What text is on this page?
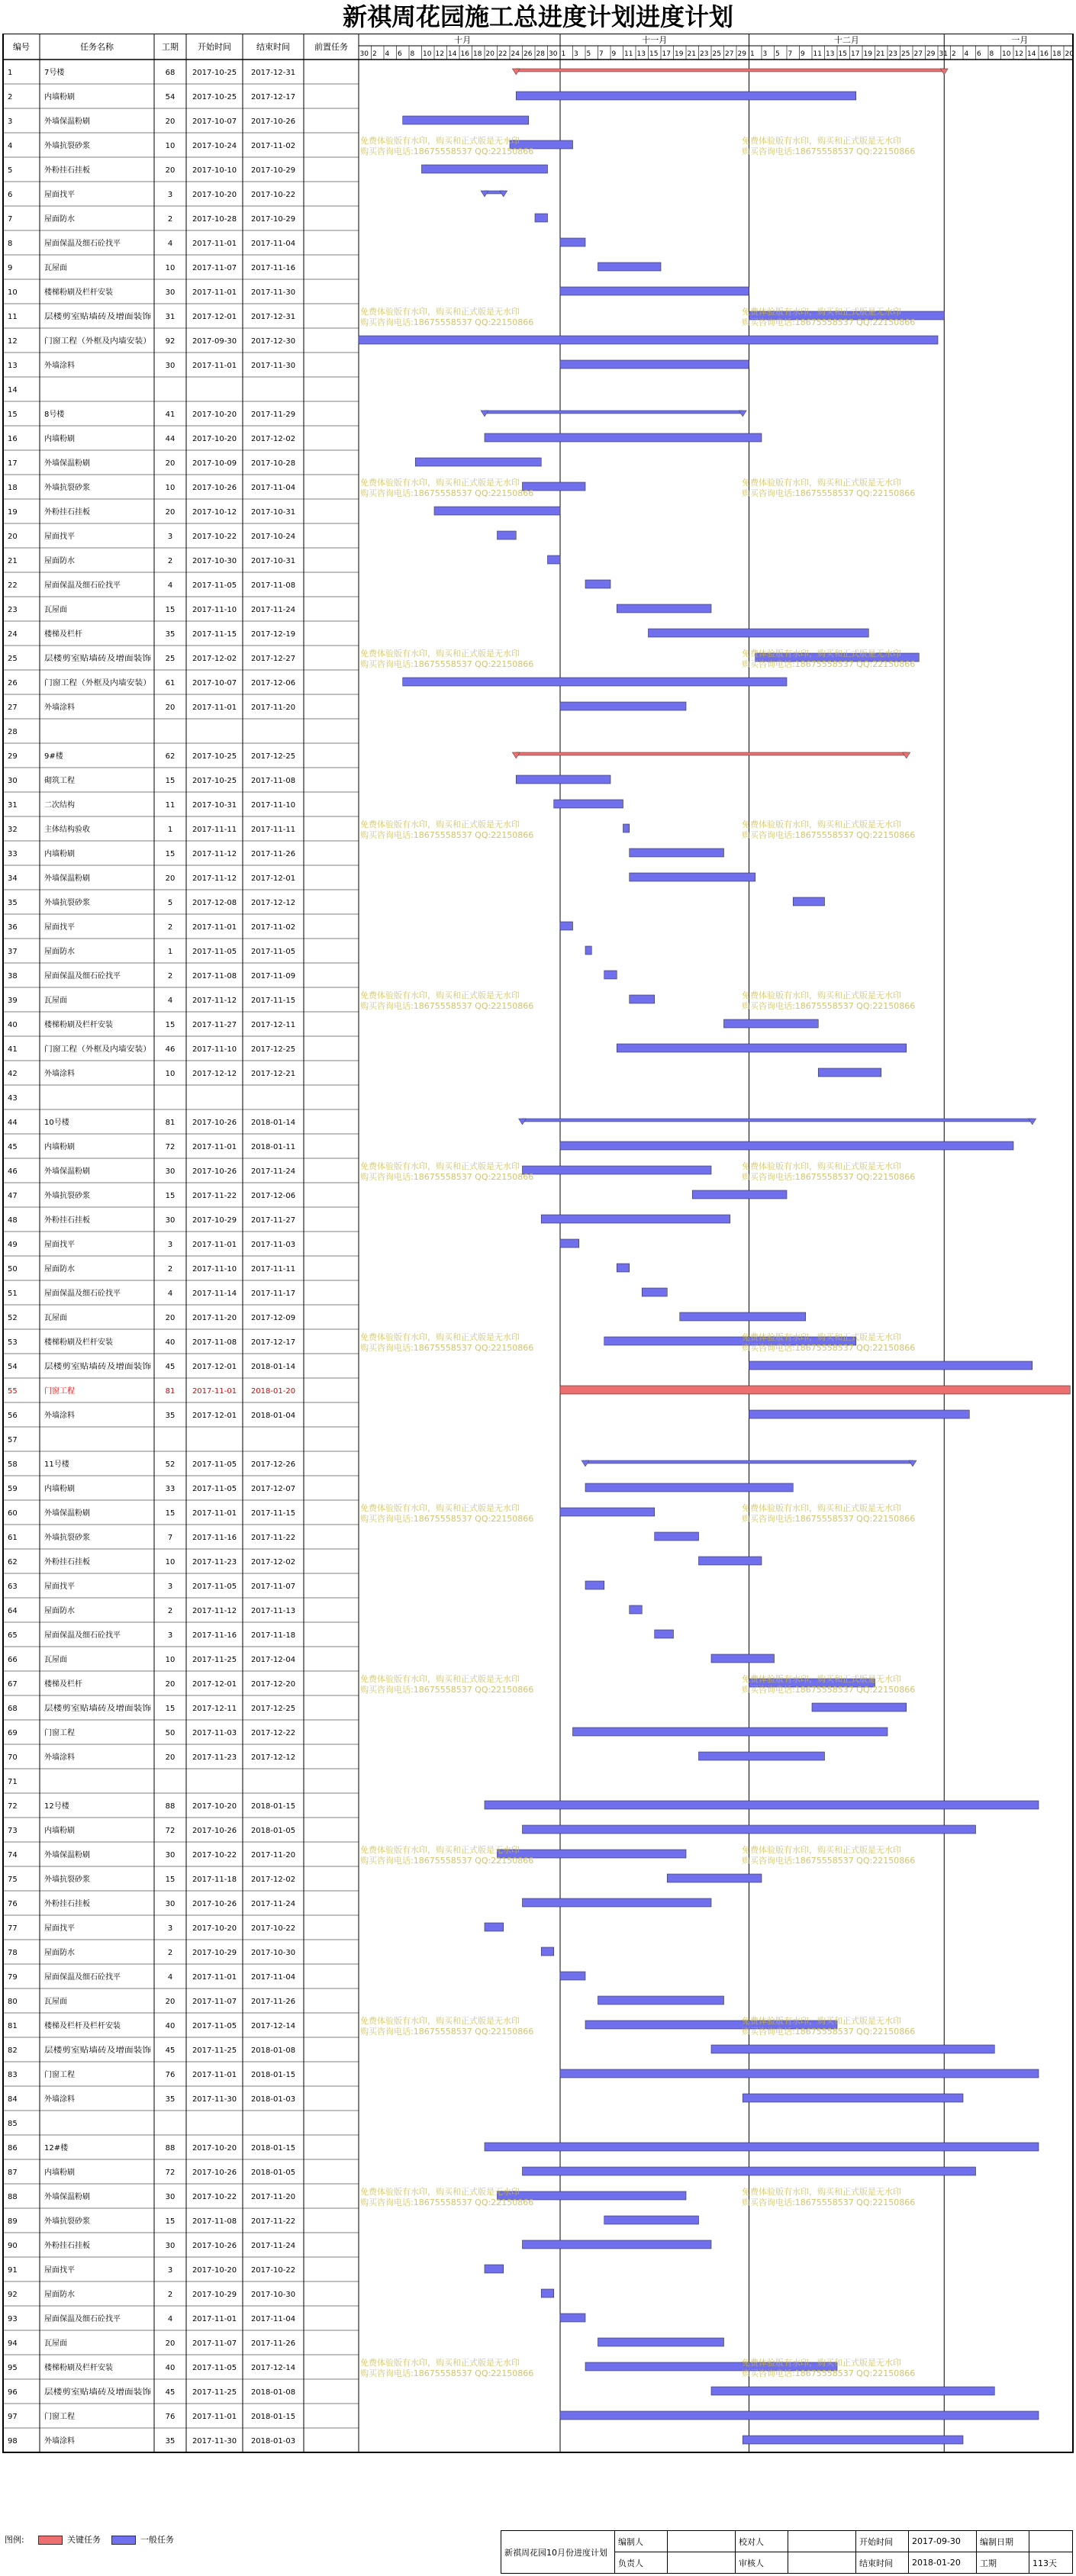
新祺周花园施工总进度计划进度计划
编号	任务名称	工期 开始时间	结束时间	前置任务
十月	十一月	十二月	一月
30 2 4 6 8 10 12 14 16 18 20 22 24 26 28 30 1 3 5 7 9 11 13 15 17 19 21 23 25 27 29 1 3 5 7 9 11 13 15 17 19 21 23 25 27 29 31 2 4 6 8 10 12 14 16 18 20
1	7号楼	68 2017-10-25 2017-12-31
2	内墙粉刷	54 2017-10-25 2017-12-17
3	外墙保温粉刷	20 2017-10-07 2017-10-26
4	外墙抗裂砂浆	10 2017-10-24 2017-11-02
5	外粉挂石挂板	20 2017-10-10 2017-10-29
6	屋面找平	3	2017-10-20 2017-10-22
7	屋面防水	2	2017-10-28 2017-10-29
8	屋面保温及细石砼找平	4	2017-11-01 2017-11-04
9	瓦屋面	10 2017-11-07 2017-11-16
10	楼梯粉刷及栏杆安装	30 2017-11-01 2017-11-30
11	层楼剪室贴墙砖及增面装饰	31 2017-12-01 2017-12-31
12	门窗工程（外框及内墙安装）	92 2017-09-30 2017-12-30
13	外墙涂料	30 2017-11-01 2017-11-30
14
15	8号楼	41 2017-10-20 2017-11-29
16	内墙粉刷	44 2017-10-20 2017-12-02
17	外墙保温粉刷	20 2017-10-09 2017-10-28
18	外墙抗裂砂浆	10 2017-10-26 2017-11-04
19	外粉挂石挂板	20 2017-10-12 2017-10-31
20	屋面找平	3	2017-10-22 2017-10-24
21	屋面防水	2	2017-10-30 2017-10-31
22	屋面保温及细石砼找平	4	2017-11-05 2017-11-08
23	瓦屋面	15 2017-11-10 2017-11-24
24	楼梯及栏杆	35 2017-11-15 2017-12-19
25	层楼剪室贴墙砖及增面装饰	25 2017-12-02 2017-12-27
26	门窗工程（外框及内墙安装）	61 2017-10-07 2017-12-06
27	外墙涂料	20 2017-11-01 2017-11-20
28
29	9#楼	62 2017-10-25 2017-12-25
30	砌筑工程	15 2017-10-25 2017-11-08
31	二次结构	11 2017-10-31 2017-11-10
32	主体结构验收	1	2017-11-11 2017-11-11
33	内墙粉刷	15 2017-11-12 2017-11-26
34	外墙保温粉刷	20 2017-11-12 2017-12-01
35	外墙抗裂砂浆	5	2017-12-08 2017-12-12
36	屋面找平	2	2017-11-01 2017-11-02
37	屋面防水	1	2017-11-05 2017-11-05
38	屋面保温及细石砼找平	2	2017-11-08 2017-11-09
39	瓦屋面	4	2017-11-12 2017-11-15
40	楼梯粉刷及栏杆安装	15 2017-11-27 2017-12-11
41	门窗工程（外框及内墙安装）	46 2017-11-10 2017-12-25
42	外墙涂料	10 2017-12-12 2017-12-21
43
44	10号楼	81 2017-10-26 2018-01-14
45	内墙粉刷	72 2017-11-01 2018-01-11
46	外墙保温粉刷	30 2017-10-26 2017-11-24
47	外墙抗裂砂浆	15 2017-11-22 2017-12-06
48	外粉挂石挂板	30 2017-10-29 2017-11-27
49	屋面找平	3	2017-11-01 2017-11-03
50	屋面防水	2	2017-11-10 2017-11-11
51	屋面保温及细石砼找平	4	2017-11-14 2017-11-17
52	瓦屋面	20 2017-11-20 2017-12-09
53	楼梯粉刷及栏杆安装	40 2017-11-08 2017-12-17
54	层楼剪室贴墙砖及增面装饰	45 2017-12-01 2018-01-14
55	门窗工程	81 2017-11-01 2018-01-20
56	外墙涂料	35 2017-12-01 2018-01-04
57
58	11号楼	52 2017-11-05 2017-12-26
59	内墙粉刷	33 2017-11-05 2017-12-07
60	外墙保温粉刷	15 2017-11-01 2017-11-15
61	外墙抗裂砂浆	7	2017-11-16 2017-11-22
62	外粉挂石挂板	10 2017-11-23 2017-12-02
63	屋面找平	3	2017-11-05 2017-11-07
64	屋面防水	2	2017-11-12 2017-11-13
65	屋面保温及细石砼找平	3	2017-11-16 2017-11-18
66	瓦屋面	10 2017-11-25 2017-12-04
67	楼梯及栏杆	20 2017-12-01 2017-12-20
68	层楼剪室贴墙砖及增面装饰	15 2017-12-11 2017-12-25
69	门窗工程	50 2017-11-03 2017-12-22
70	外墙涂料	20 2017-11-23 2017-12-12
71
72	12号楼	88 2017-10-20 2018-01-15
73	内墙粉刷	72 2017-10-26 2018-01-05
74	外墙保温粉刷	30 2017-10-22 2017-11-20
75	外墙抗裂砂浆	15 2017-11-18 2017-12-02
76	外粉挂石挂板	30 2017-10-26 2017-11-24
77	屋面找平	3	2017-10-20 2017-10-22
78	屋面防水	2	2017-10-29 2017-10-30
79	屋面保温及细石砼找平	4	2017-11-01 2017-11-04
80	瓦屋面	20 2017-11-07 2017-11-26
81	楼梯及栏杆及栏杆安装	40 2017-11-05 2017-12-14
82	层楼剪室贴墙砖及增面装饰	45 2017-11-25 2018-01-08
83	门窗工程	76 2017-11-01 2018-01-15
84	外墙涂料	35 2017-11-30 2018-01-03
85
86	12#楼	88 2017-10-20 2018-01-15
87	内墙粉刷	72 2017-10-26 2018-01-05
88	外墙保温粉刷	30 2017-10-22 2017-11-20
89	外墙抗裂砂浆	15 2017-11-08 2017-11-22
90	外粉挂石挂板	30 2017-10-26 2017-11-24
91	屋面找平	3	2017-10-20 2017-10-22
92	屋面防水	2	2017-10-29 2017-10-30
93	屋面保温及细石砼找平	4	2017-11-01 2017-11-04
94	瓦屋面	20 2017-11-07 2017-11-26
95	楼梯粉刷及栏杆安装	40 2017-11-05 2017-12-14
96	层楼剪室贴墙砖及增面装饰	45 2017-11-25 2018-01-08
97	门窗工程	76 2017-11-01 2018-01-15
98	外墙涂料	35 2017-11-30 2018-01-03
免费体验版有水印，购买和正式版是无水印
购买咨询电话:18675558537 QQ:22150866
免费体验版有水印，购买和正式版是无水印
购买咨询电话:18675558537 QQ:22150866
免费体验版有水印，购买和正式版是无水印
购买咨询电话:18675558537 QQ:22150866
免费体验版有水印，购买和正式版是无水印
购买咨询电话:18675558537 QQ:22150866
免费体验版有水印，购买和正式版是无水印
购买咨询电话:18675558537 QQ:22150866
免费体验版有水印，购买和正式版是无水印
购买咨询电话:18675558537 QQ:22150866
免费体验版有水印，购买和正式版是无水印
购买咨询电话:18675558537 QQ:22150866
免费体验版有水印，购买和正式版是无水印
购买咨询电话:18675558537 QQ:22150866
免费体验版有水印，购买和正式版是无水印
购买咨询电话:18675558537 QQ:22150866
免费体验版有水印，购买和正式版是无水印
购买咨询电话:18675558537 QQ:22150866
免费体验版有水印，购买和正式版是无水印
购买咨询电话:18675558537 QQ:22150866
免费体验版有水印，购买和正式版是无水印
购买咨询电话:18675558537 QQ:22150866
免费体验版有水印，购买和正式版是无水印
购买咨询电话:18675558537 QQ:22150866
免费体验版有水印，购买和正式版是无水印
购买咨询电话:18675558537 QQ:22150866
免费体验版有水印，购买和正式版是无水印
购买咨询电话:18675558537 QQ:22150866
免费体验版有水印，购买和正式版是无水印
购买咨询电话:18675558537 QQ:22150866
免费体验版有水印，购买和正式版是无水印
购买咨询电话:18675558537 QQ:22150866
免费体验版有水印，购买和正式版是无水印
购买咨询电话:18675558537 QQ:22150866
免费体验版有水印，购买和正式版是无水印
购买咨询电话:18675558537 QQ:22150866
免费体验版有水印，购买和正式版是无水印
购买咨询电话:18675558537 QQ:22150866
免费体验版有水印，购买和正式版是无水印
购买咨询电话:18675558537 QQ:22150866
免费体验版有水印，购买和正式版是无水印
购买咨询电话:18675558537 QQ:22150866
免费体验版有水印，购买和正式版是无水印
购买咨询电话:18675558537 QQ:22150866
免费体验版有水印，购买和正式版是无水印
购买咨询电话:18675558537 QQ:22150866
免费体验版有水印，购买和正式版是无水印
购买咨询电话:18675558537 QQ:22150866
免费体验版有水印，购买和正式版是无水印
购买咨询电话:18675558537 QQ:22150866
免费体验版有水印，购买和正式版是无水印
购买咨询电话:18675558537 QQ:22150866
免费体验版有水印，购买和正式版是无水印
购买咨询电话:18675558537 QQ:22150866
图例:	关键任务	一般任务
新祺周花园10月份进度计划	编制人		校对人		开始时间	2017-09-30	编制日期	
	负责人		审核人		结束时间	2018-01-20	工期	113天
